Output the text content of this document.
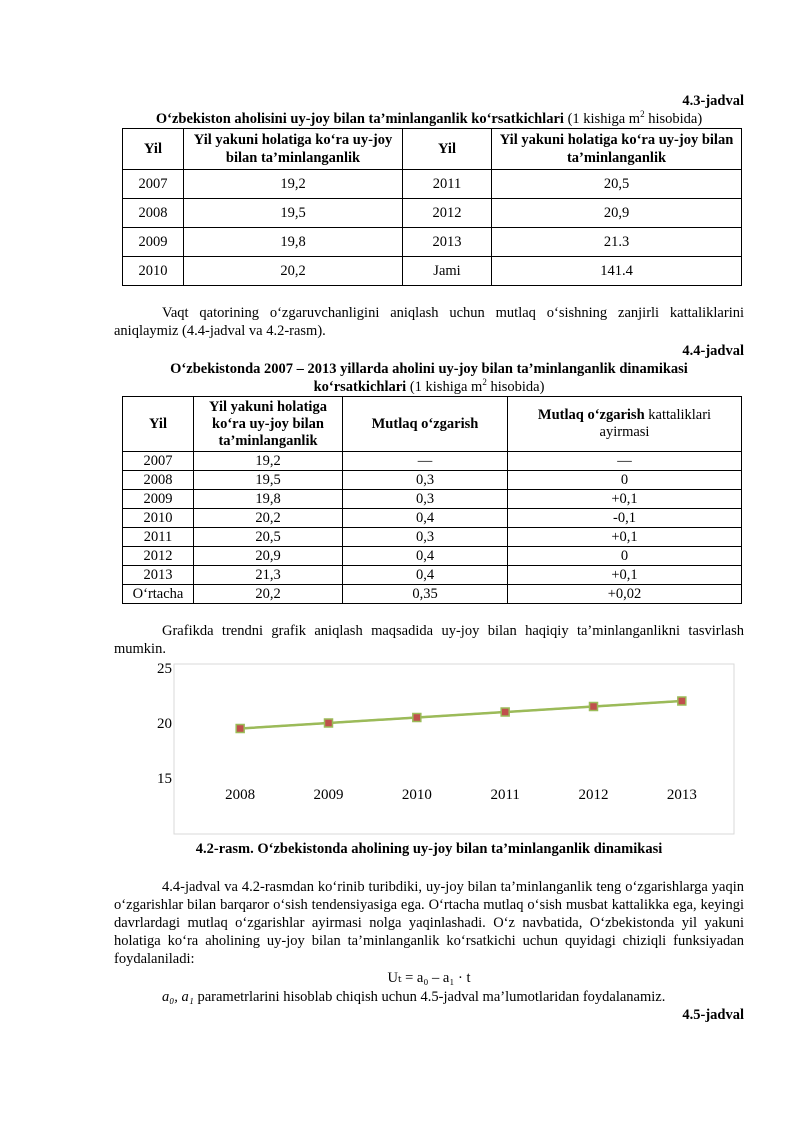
4.3-jadval

O‘zbekiston aholisini uy-joy bilan ta’minlanganlik ko‘rsatkichlari (1 kishiga $m^2$ hisobida)

Yil	Yil yakuni holatiga ko‘ra uy-joy bilan ta’minlanganlik	Yil	Yil yakuni holatiga ko‘ra uy-joy bilan ta’minlanganlik
2007	19,2	2011	20,5
2008	19,5	2012	20,9
2009	19,8	2013	21.3
2010	20,2	Jami	141.4

Vaqt qatorining o‘zgaruvchanligini aniqlash uchun mutlaq o‘sishning zanjirli kattaliklarini aniqlaymiz (4.4-jadval va 4.2-rasm).

4.4-jadval

O‘zbekistonda 2007 – 2013 yillarda aholini uy-joy bilan ta’minlanganlik dinamikasi

ko‘rsatkichlari (1 kishiga $m^2$ hisobida)

Yil	Yil yakuni holatiga ko‘ra uy-joy bilan ta’minlanganlik	Mutlaq o‘zgarish	Mutlaq o‘zgarish kattaliklari ayirmasi
2007	19,2	—	—
2008	19,5	0,3	0
2009	19,8	0,3	+0,1
2010	20,2	0,4	-0,1
2011	20,5	0,3	+0,1
2012	20,9	0,4	0
2013	21,3	0,4	+0,1
O‘rtacha	20,2	0,35	+0,02

Grafikda trendni grafik aniqlash maqsadida uy-joy bilan haqiqiy ta’minlanganlikni tasvirlash mumkin.

25
20
15
2008	2009	2010	2011	2012	2013

4.2-rasm. O‘zbekistonda aholining uy-joy bilan ta’minlanganlik dinamikasi

4.4-jadval va 4.2-rasmdan ko‘rinib turibdiki, uy-joy bilan ta’minlanganlik teng o‘zgarishlarga yaqin o‘zgarishlar bilan barqaror o‘sish tendensiyasiga ega. O‘rtacha mutlaq o‘sish musbat kattalikka ega, keyingi davrlardagi mutlaq o‘zgarishlar ayirmasi nolga yaqinlashadi. O‘z navbatida, O‘zbekistonda yil yakuni holatiga ko‘ra aholining uy-joy bilan ta’minlanganlik ko‘rsatkichi uchun quyidagi chiziqli funksiyadan foydalaniladi:

Uₜ = a₀ – a₁ · t

a₀, a₁ parametrlarini hisoblab chiqish uchun 4.5-jadval ma’lumotlaridan foydalanamiz.

4.5-jadval
